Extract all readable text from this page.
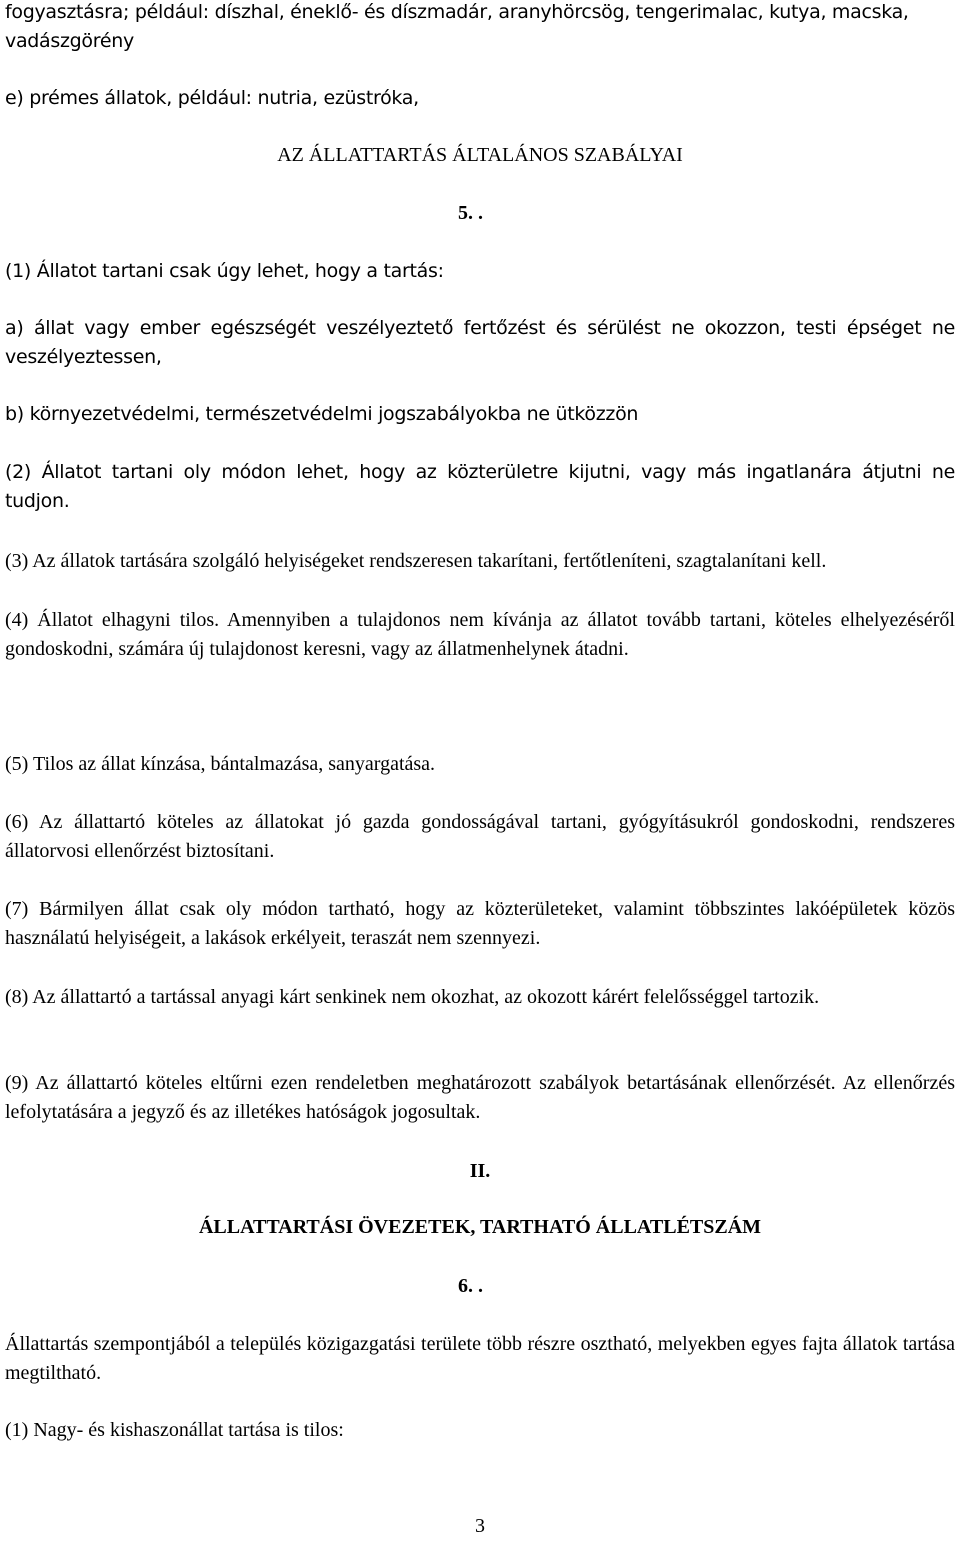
fogyasztásra; például: díszhal, éneklő- és díszmadár, aranyhörcsög, tengerimalac, kutya, macska, vadászgörény

e) prémes állatok, például: nutria, ezüstróka,

AZ ÁLLATTARTÁS ÁLTALÁNOS SZABÁLYAI

5. .

(1) Állatot tartani csak úgy lehet, hogy a tartás:

a) állat vagy ember egészségét veszélyeztető fertőzést és sérülést ne okozzon, testi épséget ne veszélyeztessen,

b) környezetvédelmi, természetvédelmi jogszabályokba ne ütközzön

(2) Állatot tartani oly módon lehet, hogy az közterületre kijutni, vagy más ingatlanára átjutni ne tudjon.

(3) Az állatok tartására szolgáló helyiségeket rendszeresen takarítani, fertőtleníteni, szagtalanítani kell.

(4) Állatot elhagyni tilos. Amennyiben a tulajdonos nem kívánja az állatot tovább tartani, köteles elhelyezéséről gondoskodni, számára új tulajdonost keresni, vagy az állatmenhelynek átadni.

(5) Tilos az állat kínzása, bántalmazása, sanyargatása.

(6) Az állattartó köteles az állatokat jó gazda gondosságával tartani, gyógyításukról gondoskodni, rendszeres állatorvosi ellenőrzést biztosítani.

(7) Bármilyen állat csak oly módon tartható, hogy az közterületeket, valamint többszintes lakóépületek közös használatú helyiségeit, a lakások erkélyeit, teraszát nem szennyezi.

(8) Az állattartó a tartással anyagi kárt senkinek nem okozhat, az okozott kárért felelősséggel tartozik.

(9) Az állattartó köteles eltűrni ezen rendeletben meghatározott szabályok betartásának ellenőrzését. Az ellenőrzés lefolytatására a jegyző és az illetékes hatóságok jogosultak.

II.

ÁLLATTARTÁSI ÖVEZETEK, TARTHATÓ ÁLLATLÉTSZÁM

6. .

Állattartás szempontjából a település közigazgatási területe több részre osztható, melyekben egyes fajta állatok tartása megtiltható.

(1) Nagy- és kishaszonállat tartása is tilos:

3
